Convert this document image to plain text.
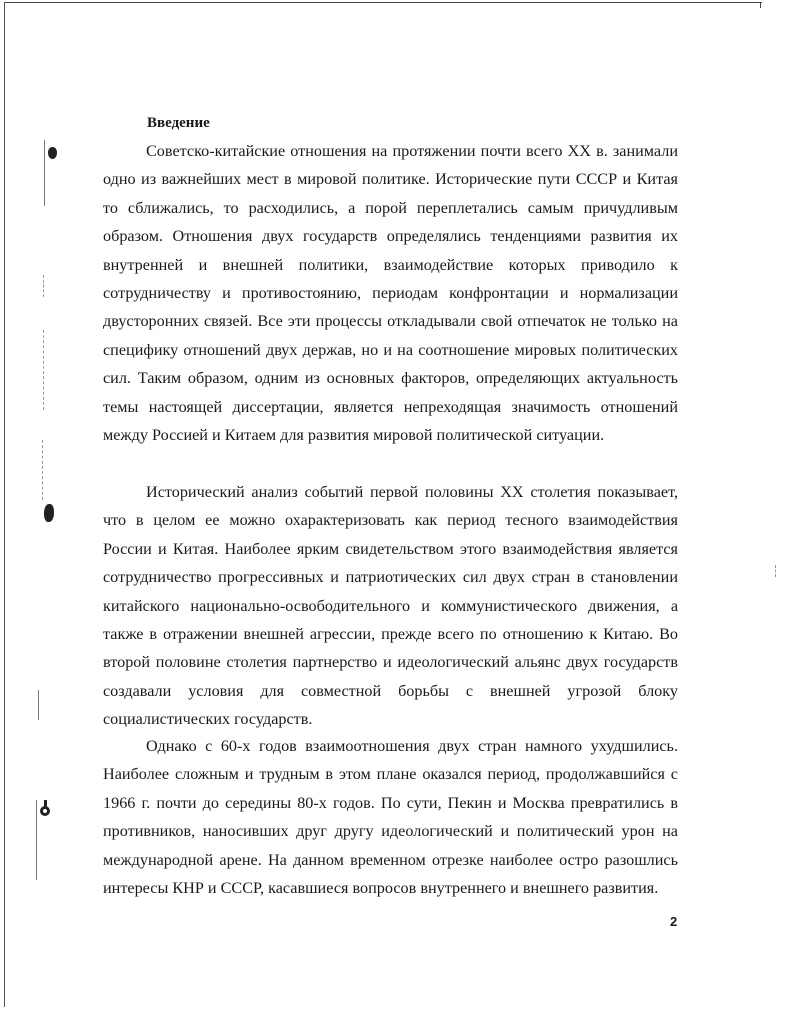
Введение

Советско-китайские отношения на протяжении почти всего XX в. занимали одно из важнейших мест в мировой политике. Исторические пути СССР и Китая то сближались, то расходились, а порой переплетались самым причудливым образом. Отношения двух государств определялись тенденциями развития их внутренней и внешней политики, взаимодействие которых приводило к сотрудничеству и противостоянию, периодам конфронтации и нормализации двусторонних связей. Все эти процессы откладывали свой отпечаток не только на специфику отношений двух держав, но и на соотношение мировых политических сил. Таким образом, одним из основных факторов, определяющих актуальность темы настоящей диссертации, является непреходящая значимость отношений между Россией и Китаем для развития мировой политической ситуации.

Исторический анализ событий первой половины XX столетия показывает, что в целом ее можно охарактеризовать как период тесного взаимодействия России и Китая. Наиболее ярким свидетельством этого взаимодействия является сотрудничество прогрессивных и патриотических сил двух стран в становлении китайского национально-освободительного и коммунистического движения, а также в отражении внешней агрессии, прежде всего по отношению к Китаю. Во второй половине столетия партнерство и идеологический альянс двух государств создавали условия для совместной борьбы с внешней угрозой блоку социалистических государств.

Однако с 60-х годов взаимоотношения двух стран намного ухудшились. Наиболее сложным и трудным в этом плане оказался период, продолжавшийся с 1966 г. почти до середины 80-х годов. По сути, Пекин и Москва превратились в противников, наносивших друг другу идеологический и политический урон на международной арене. На данном временном отрезке наиболее остро разошлись интересы КНР и СССР, касавшиеся вопросов внутреннего и внешнего развития.

2
